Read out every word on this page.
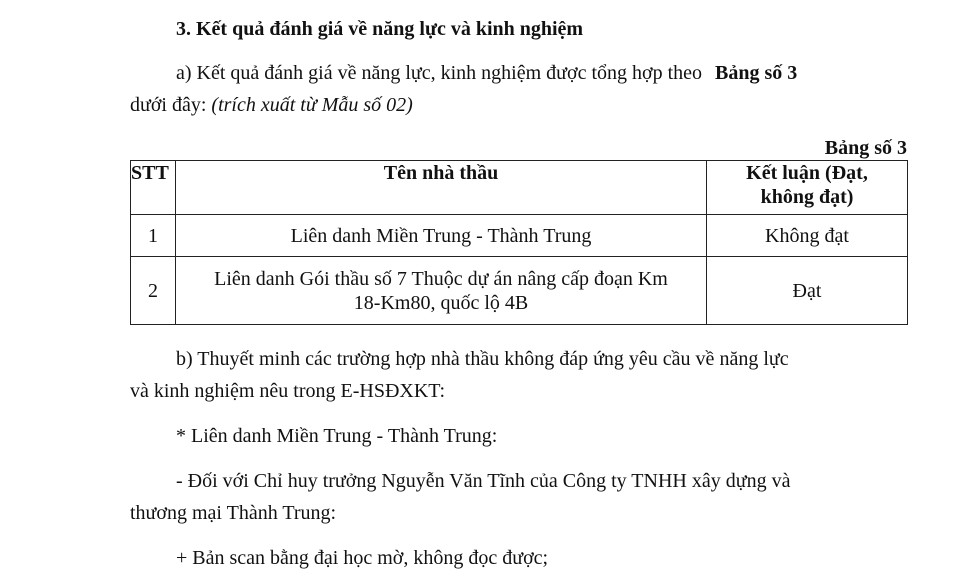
3. Kết quả đánh giá về năng lực và kinh nghiệm
a) Kết quả đánh giá về năng lực, kinh nghiệm được tổng hợp theo Bảng số 3
dưới đây: (trích xuất từ Mẫu số 02)
Bảng số 3
STT	Tên nhà thầu	Kết luận (Đạt,
không đạt)

1	Liên danh Miền Trung - Thành Trung	Không đạt
2	Liên danh Gói thầu số 7 Thuộc dự án nâng cấp đoạn Km
18-Km80, quốc lộ 4B	Đạt
b) Thuyết minh các trường hợp nhà thầu không đáp ứng yêu cầu về năng lực
và kinh nghiệm nêu trong E-HSĐXKT:
* Liên danh Miền Trung - Thành Trung:
- Đối với Chỉ huy trưởng Nguyễn Văn Tĩnh của Công ty TNHH xây dựng và
thương mại Thành Trung:
+ Bản scan bằng đại học mờ, không đọc được;
